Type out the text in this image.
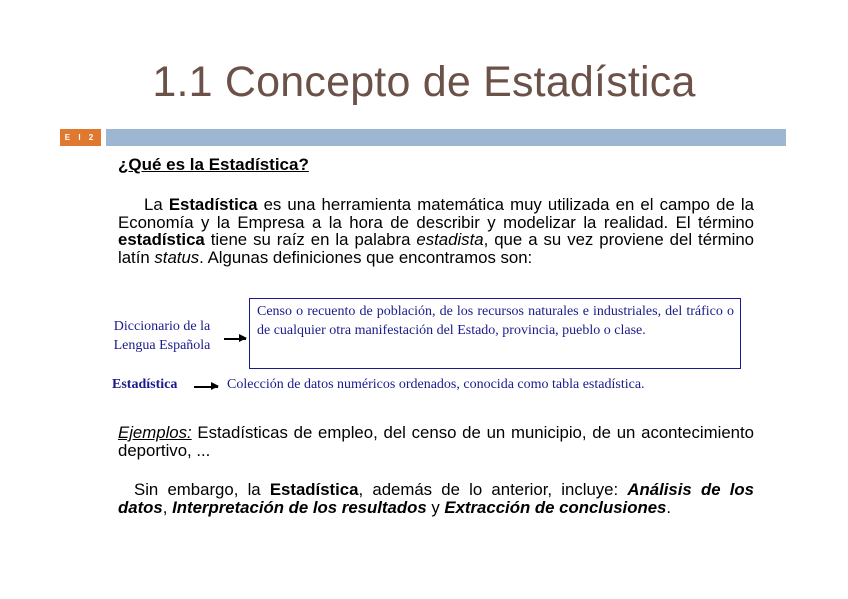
1.1 Concepto de Estadística
E I 2
¿Qué es la Estadística?
La Estadística es una herramienta matemática muy utilizada en el campo de la Economía y la Empresa a la hora de describir y modelizar la realidad. El término estadística tiene su raíz en la palabra estadista, que a su vez proviene del término latín status. Algunas definiciones que encontramos son:
Diccionario de la Lengua Española
Censo o recuento de población, de los recursos naturales e industriales, del tráfico o de cualquier otra manifestación del Estado, provincia, pueblo o clase.
Estadística	Colección de datos numéricos ordenados, conocida como tabla estadística.
Ejemplos: Estadísticas de empleo, del censo de un municipio, de un acontecimiento deportivo, ...
Sin embargo, la Estadística, además de lo anterior, incluye: Análisis de los datos, Interpretación de los resultados y Extracción de conclusiones.
